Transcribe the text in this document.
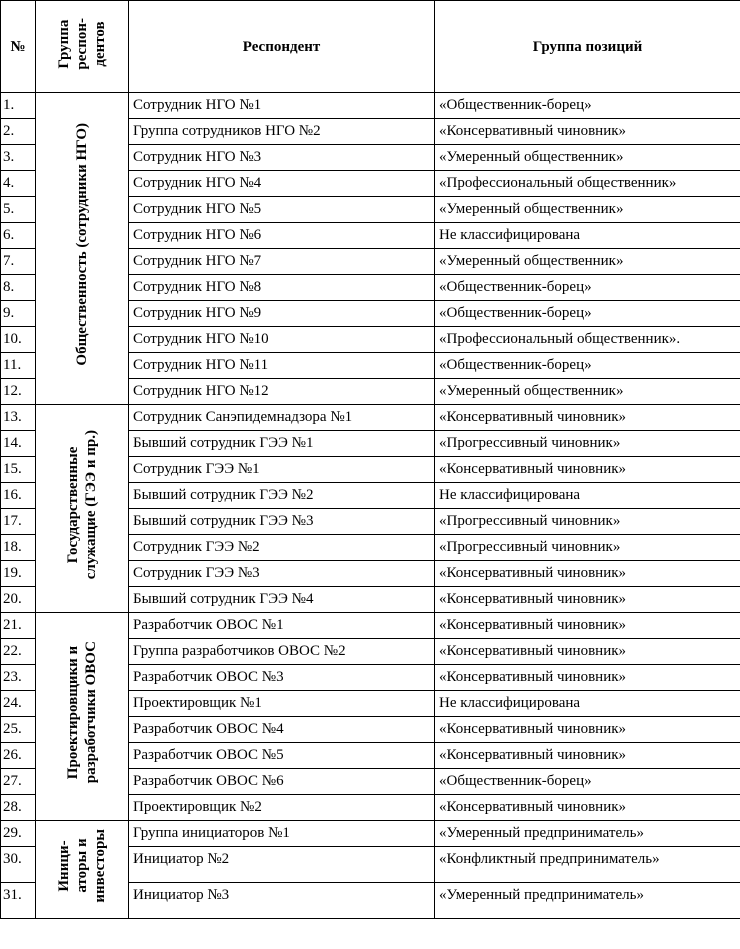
№	Группа респон- дентов	Респондент	Группа позиций
1.	Общественность (сотрудники НГО)	Сотрудник НГО №1	«Общественник-борец»
2.		Группа сотрудников НГО №2	«Консервативный чиновник»
3.		Сотрудник НГО №3	«Умеренный общественник»
4.		Сотрудник НГО №4	«Профессиональный общественник»
5.		Сотрудник НГО №5	«Умеренный общественник»
6.		Сотрудник НГО №6	Не классифицирована
7.		Сотрудник НГО №7	«Умеренный общественник»
8.		Сотрудник НГО №8	«Общественник-борец»
9.		Сотрудник НГО №9	«Общественник-борец»
10.		Сотрудник НГО №10	«Профессиональный общественник».
11.		Сотрудник НГО №11	«Общественник-борец»
12.		Сотрудник НГО №12	«Умеренный общественник»
13.	Государственные служащие (ГЭЭ и пр.)	Сотрудник Санэпидемнадзора №1	«Консервативный чиновник»
14.		Бывший сотрудник ГЭЭ №1	«Прогрессивный чиновник»
15.		Сотрудник ГЭЭ №1	«Консервативный чиновник»
16.		Бывший сотрудник ГЭЭ №2	Не классифицирована
17.		Бывший сотрудник ГЭЭ №3	«Прогрессивный чиновник»
18.		Сотрудник ГЭЭ №2	«Прогрессивный чиновник»
19.		Сотрудник ГЭЭ №3	«Консервативный чиновник»
20.		Бывший сотрудник ГЭЭ №4	«Консервативный чиновник»
21.	Проектировщики и разработчики ОВОС	Разработчик ОВОС №1	«Консервативный чиновник»
22.		Группа разработчиков ОВОС №2	«Консервативный чиновник»
23.		Разработчик ОВОС №3	«Консервативный чиновник»
24.		Проектировщик №1	Не классифицирована
25.		Разработчик ОВОС №4	«Консервативный чиновник»
26.		Разработчик ОВОС №5	«Консервативный чиновник»
27.		Разработчик ОВОС №6	«Общественник-борец»
28.		Проектировщик №2	«Консервативный чиновник»
29.	Иници- аторы и инвесторы	Группа инициаторов №1	«Умеренный предприниматель»
30.		Инициатор №2	«Конфликтный предприниматель»
31.		Инициатор №3	«Умеренный предприниматель»
